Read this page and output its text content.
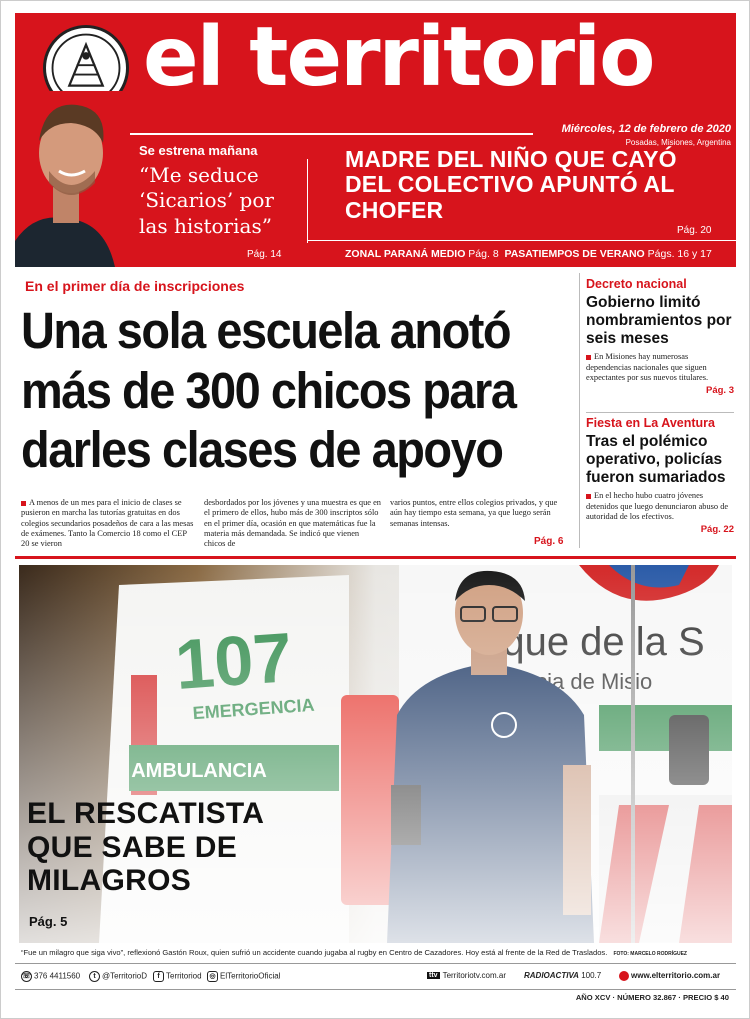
el territorio
Miércoles, 12 de febrero de 2020
Posadas, Misiones, Argentina
Se estrena mañana
“Me seduce ‘Sicarios’ por las historias”
Pág. 14
MADRE DEL NIÑO QUE CAYÓ DEL COLECTIVO APUNTÓ AL CHOFER
Pág. 20
ZONAL PARANÁ MEDIO Pág. 8 PASATIEMPOS DE VERANO Págs. 16 y 17
En el primer día de inscripciones
Una sola escuela anotó más de 300 chicos para darles clases de apoyo
A menos de un mes para el inicio de clases se pusieron en marcha las tutorías gratuitas en dos colegios secundarios posadeños de cara a las mesas de exámenes. Tanto la Comercio 18 como el CEP 20 se vieron
desbordados por los jóvenes y una muestra es que en el primero de ellos, hubo más de 300 inscriptos sólo en el primer día, ocasión en que matemáticas fue la materia más demandada. Se indicó que vienen chicos de
varios puntos, entre ellos colegios privados, y que aún hay tiempo esta semana, ya que luego serán semanas intensas.
Pág. 6
Decreto nacional
Gobierno limitó nombramientos por seis meses
En Misiones hay numerosas dependencias nacionales que siguen expectantes por sus nuevos titulares.
Pág. 3
Fiesta en La Aventura
Tras el polémico operativo, policías fueron sumariados
En el hecho hubo cuatro jóvenes detenidos que luego denunciaron abuso de autoridad de los efectivos.
Pág. 22
EL RESCATISTA
QUE SABE DE
MILAGROS
Pág. 5
“Fue un milagro que siga vivo”, reflexionó Gastón Roux, quien sufrió un accidente cuando jugaba al rugby en Centro de Cazadores. Hoy está al frente de la Red de Traslados. FOTO: MARCELO RODRÍGUEZ
☏ 376 4411560	t @TerritorioD	f Territoriod	◎ ElTerritorioOficial	ttv Territoriotv.com.ar RADIOACTIVA 100.7	www.elterritorio.com.ar
AÑO XCV · NÚMERO 32.867 · PRECIO $ 40
